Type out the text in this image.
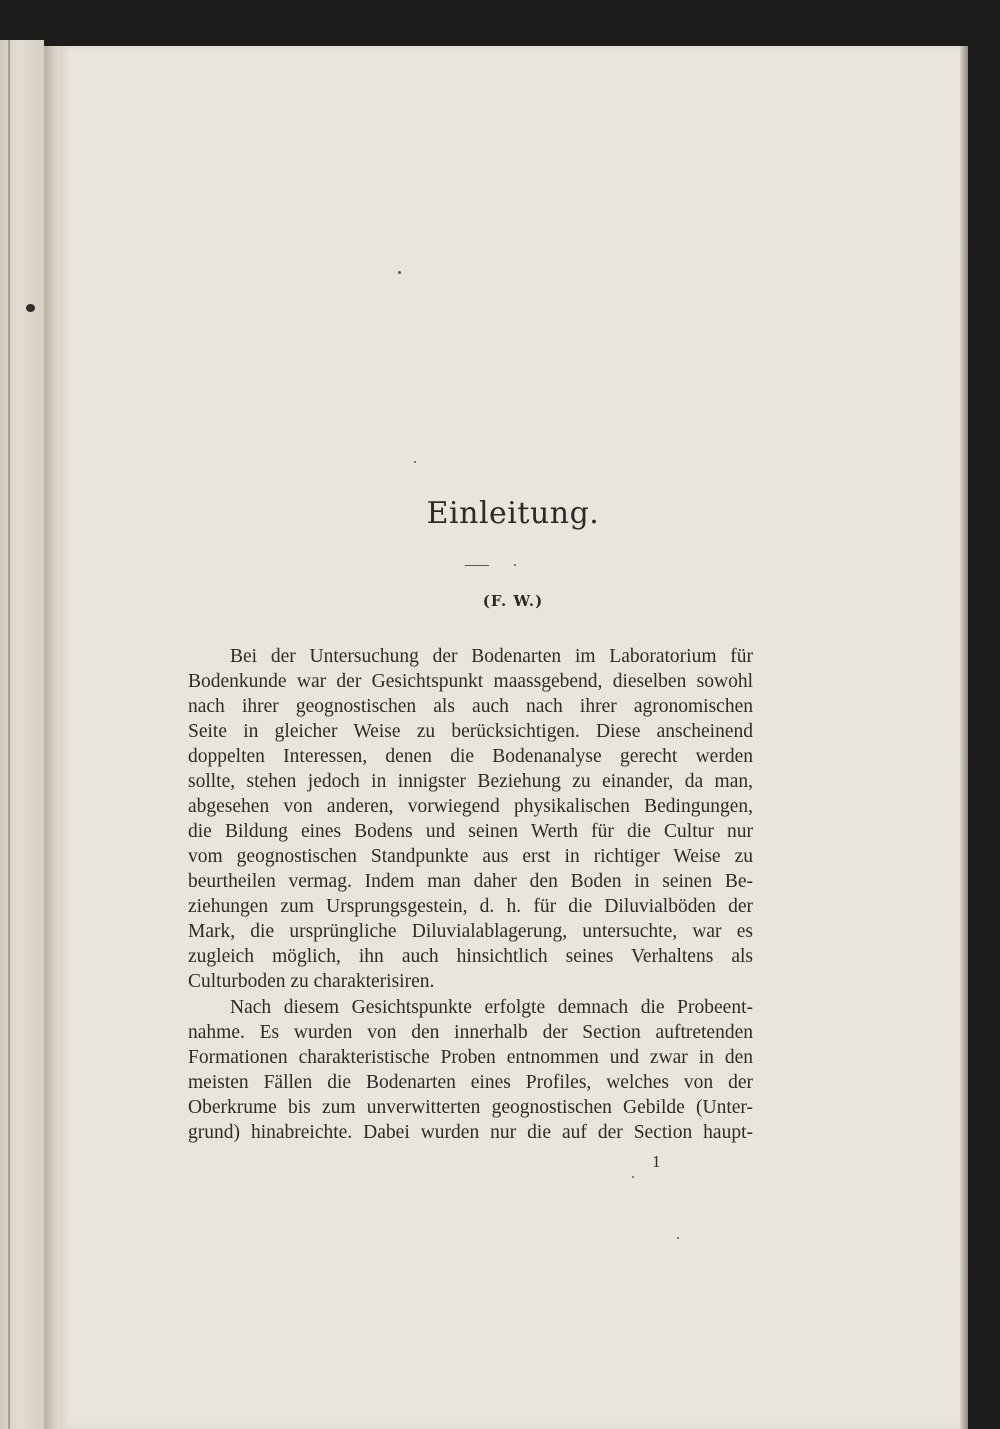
Einleitung.
(F. W.)
Bei der Untersuchung der Bodenarten im Laboratorium für
Bodenkunde war der Gesichtspunkt maassgebend, dieselben sowohl
nach ihrer geognostischen als auch nach ihrer agronomischen
Seite in gleicher Weise zu berücksichtigen. Diese anscheinend
doppelten Interessen, denen die Bodenanalyse gerecht werden
sollte, stehen jedoch in innigster Beziehung zu einander, da man,
abgesehen von anderen, vorwiegend physikalischen Bedingungen,
die Bildung eines Bodens und seinen Werth für die Cultur nur
vom geognostischen Standpunkte aus erst in richtiger Weise zu
beurtheilen vermag. Indem man daher den Boden in seinen Be-
ziehungen zum Ursprungsgestein, d. h. für die Diluvialböden der
Mark, die ursprüngliche Diluvialablagerung, untersuchte, war es
zugleich möglich, ihn auch hinsichtlich seines Verhaltens als
Culturboden zu charakterisiren.
Nach diesem Gesichtspunkte erfolgte demnach die Probeent-
nahme. Es wurden von den innerhalb der Section auftretenden
Formationen charakteristische Proben entnommen und zwar in den
meisten Fällen die Bodenarten eines Profiles, welches von der
Oberkrume bis zum unverwitterten geognostischen Gebilde (Unter-
grund) hinabreichte. Dabei wurden nur die auf der Section haupt-
1
